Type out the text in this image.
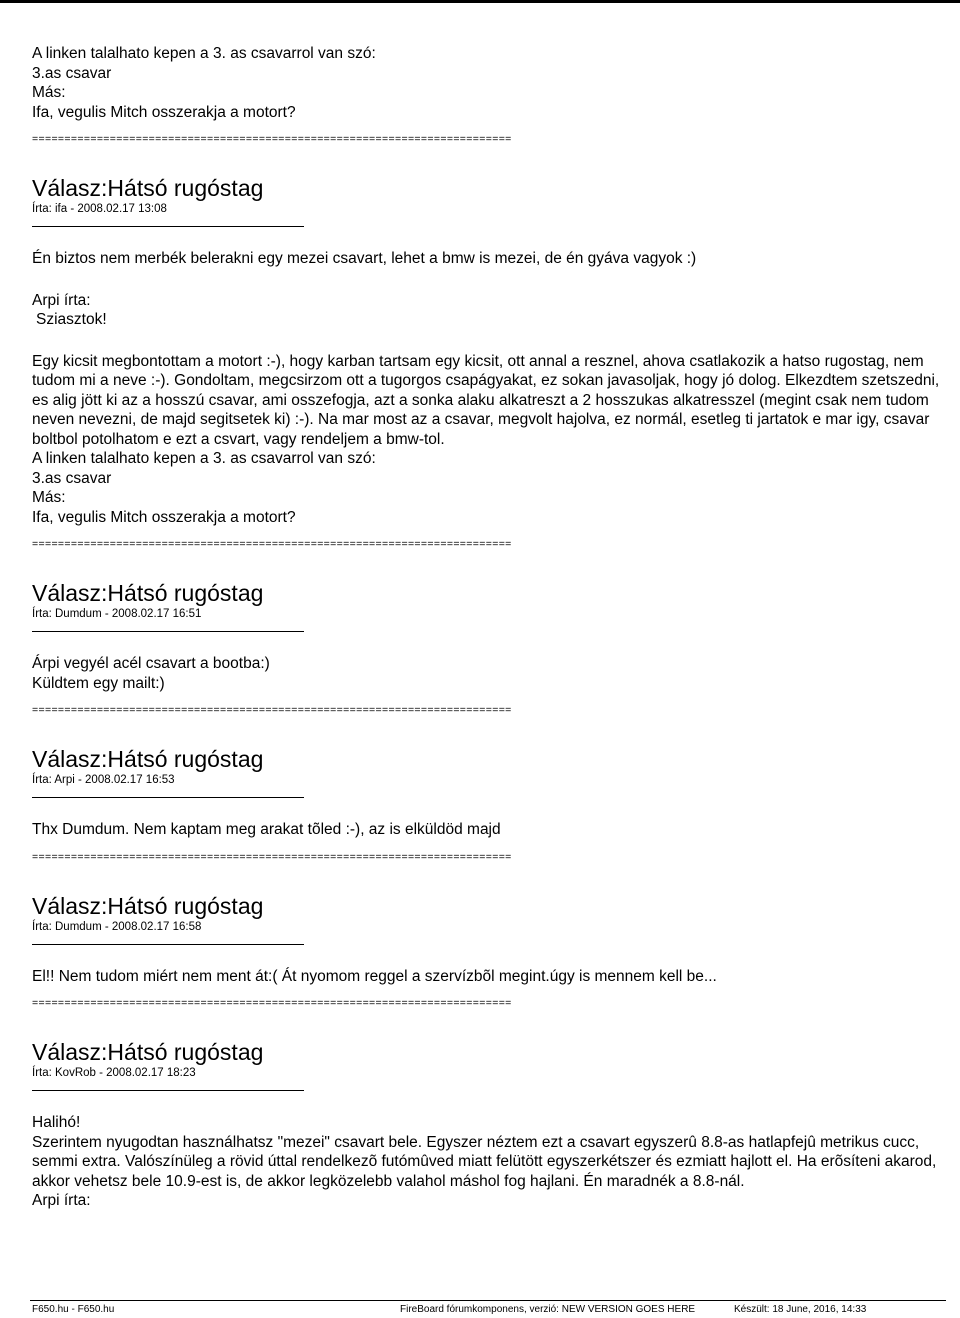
A linken talalhato kepen a 3. as csavarrol van szó:
3.as csavar
Más:
Ifa, vegulis Mitch osszerakja a motort?
==========================================================================
Válasz:Hátsó rugóstag
Írta: ifa - 2008.02.17 13:08
Én biztos nem merbék belerakni egy mezei csavart, lehet a bmw is mezei, de én gyáva vagyok :)
Arpi írta:
Sziasztok!

Egy kicsit megbontottam a motort :-), hogy karban tartsam egy kicsit, ott annal a resznel, ahova csatlakozik a hatso rugostag, nem tudom mi a neve :-). Gondoltam, megcsirzom ott a tugorgos csapágyakat, ez sokan javasoljak, hogy jó dolog. Elkezdtem szetszedni, es alig jött ki az a hosszú csavar, ami osszefogja, azt a sonka alaku alkatreszt a 2 hosszukas alkatresszel (megint csak nem tudom neven nevezni, de majd segitsetek ki) :-). Na mar most az a csavar, megvolt hajolva, ez normál, esetleg ti jartatok e mar igy, csavar boltbol potolhatom e ezt a csvart, vagy rendeljem a bmw-tol.

A linken talalhato kepen a 3. as csavarrol van szó:
3.as csavar
Más:
Ifa, vegulis Mitch osszerakja a motort?
==========================================================================
Válasz:Hátsó rugóstag
Írta: Dumdum - 2008.02.17 16:51
Árpi vegyél acél csavart a bootba:)
Küldtem egy mailt:)
==========================================================================
Válasz:Hátsó rugóstag
Írta: Arpi - 2008.02.17 16:53
Thx Dumdum. Nem kaptam meg arakat tõled :-), az is elküldöd majd
==========================================================================
Válasz:Hátsó rugóstag
Írta: Dumdum - 2008.02.17 16:58
El!! Nem tudom miért nem ment át:( Át nyomom reggel a szervízbõl megint.úgy is mennem kell be...
==========================================================================
Válasz:Hátsó rugóstag
Írta: KovRob - 2008.02.17 18:23
Halihó!

Szerintem nyugodtan használhatsz "mezei" csavart bele. Egyszer néztem ezt a csavart egyszerû 8.8-as hatlapfejû metrikus cucc, semmi extra. Valószínüleg a rövid úttal rendelkezõ futómûved miatt felütött egyszerkétszer és ezmiatt hajlott el. Ha erõsíteni akarod, akkor vehetsz bele 10.9-est is, de akkor legközelebb valahol máshol fog hajlani. Én maradnék a 8.8-nál.

Arpi írta:
F650.hu - F650.hu	FireBoard fórumkomponens, verzió: NEW VERSION GOES HERE	Készült: 18 June, 2016, 14:33
